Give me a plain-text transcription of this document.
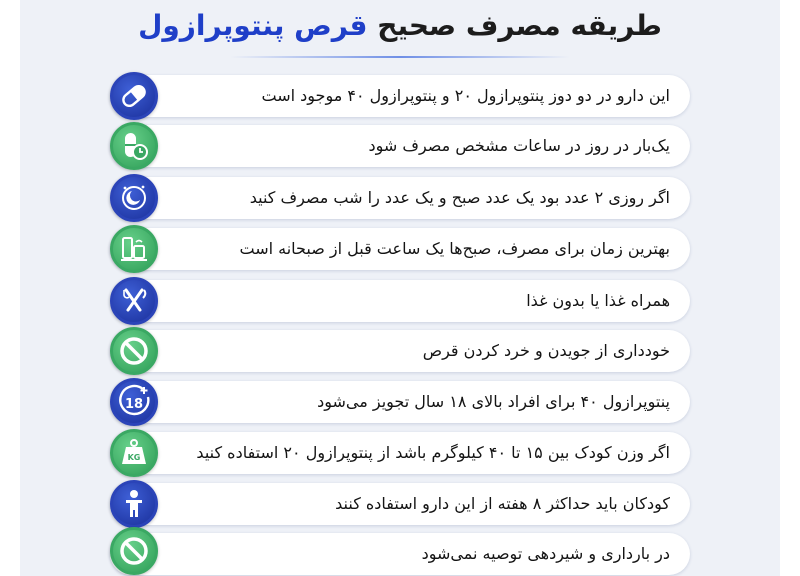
طریقه مصرف صحیح قرص پنتوپرازول
این دارو در دو دوز پنتوپرازول ۲۰ و پنتوپرازول ۴۰ موجود است
یک‌بار در روز در ساعات مشخص مصرف شود
اگر روزی ۲ عدد بود یک عدد صبح و یک عدد را شب مصرف کنید
بهترین زمان برای مصرف، صبح‌ها یک ساعت قبل از صبحانه است
همراه غذا یا بدون غذا
خودداری از جویدن و خرد کردن قرص
پنتوپرازول ۴۰ برای افراد بالای ۱۸ سال تجویز می‌شود
18
اگر وزن کودک بین ۱۵ تا ۴۰ کیلوگرم باشد از پنتوپرازول ۲۰ استفاده کنید
KG
کودکان باید حداکثر ۸ هفته از این دارو استفاده کنند
در بارداری و شیردهی توصیه نمی‌شود
